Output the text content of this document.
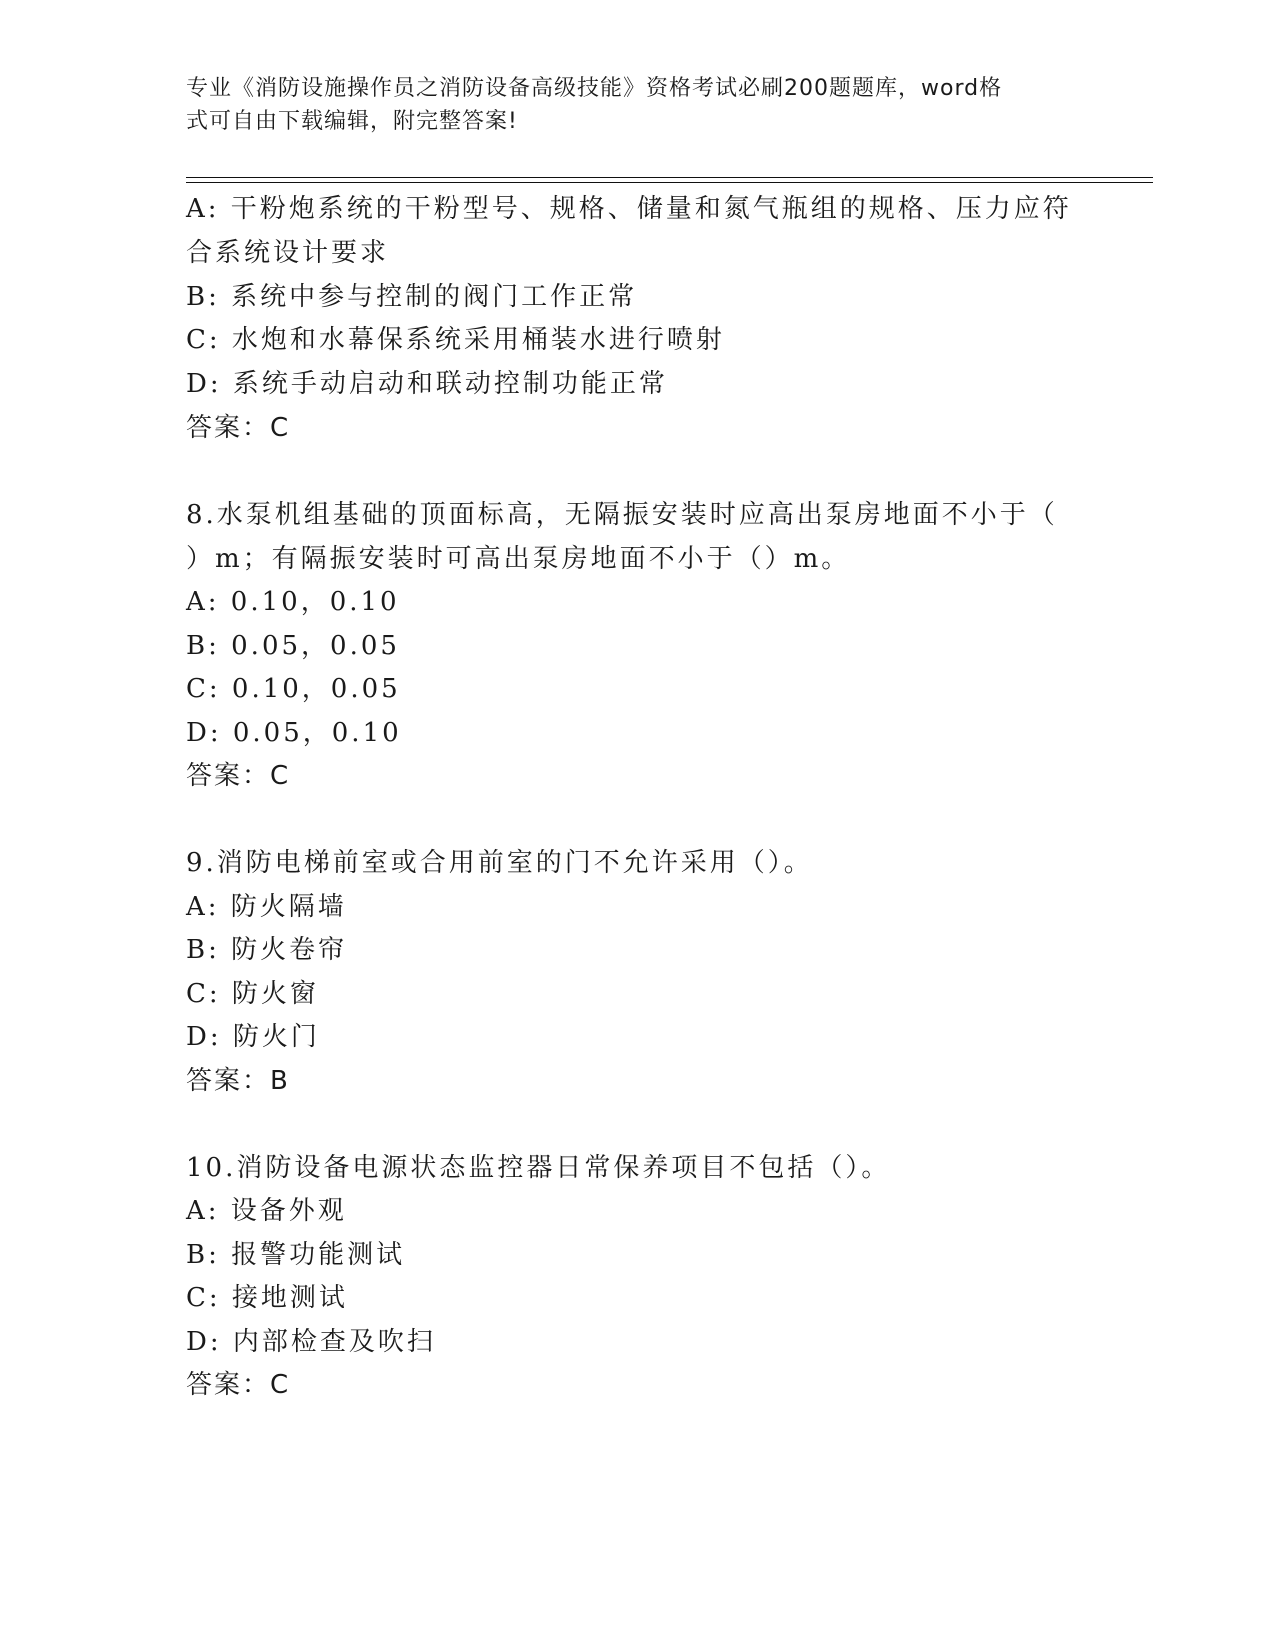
专业《消防设施操作员之消防设备高级技能》资格考试必刷200题题库，word格
式可自由下载编辑，附完整答案!
A: 干粉炮系统的干粉型号、规格、储量和氮气瓶组的规格、压力应符
合系统设计要求
B: 系统中参与控制的阀门工作正常
C: 水炮和水幕保系统采用桶装水进行喷射
D: 系统手动启动和联动控制功能正常
答案：C
8.水泵机组基础的顶面标高，无隔振安装时应高出泵房地面不小于（
）m；有隔振安装时可高出泵房地面不小于（）m。
A: 0.10，0.10
B: 0.05，0.05
C: 0.10，0.05
D: 0.05，0.10
答案：C
9.消防电梯前室或合用前室的门不允许采用（）。
A: 防火隔墙
B: 防火卷帘
C: 防火窗
D: 防火门
答案：B
10.消防设备电源状态监控器日常保养项目不包括（）。
A: 设备外观
B: 报警功能测试
C: 接地测试
D: 内部检查及吹扫
答案：C
